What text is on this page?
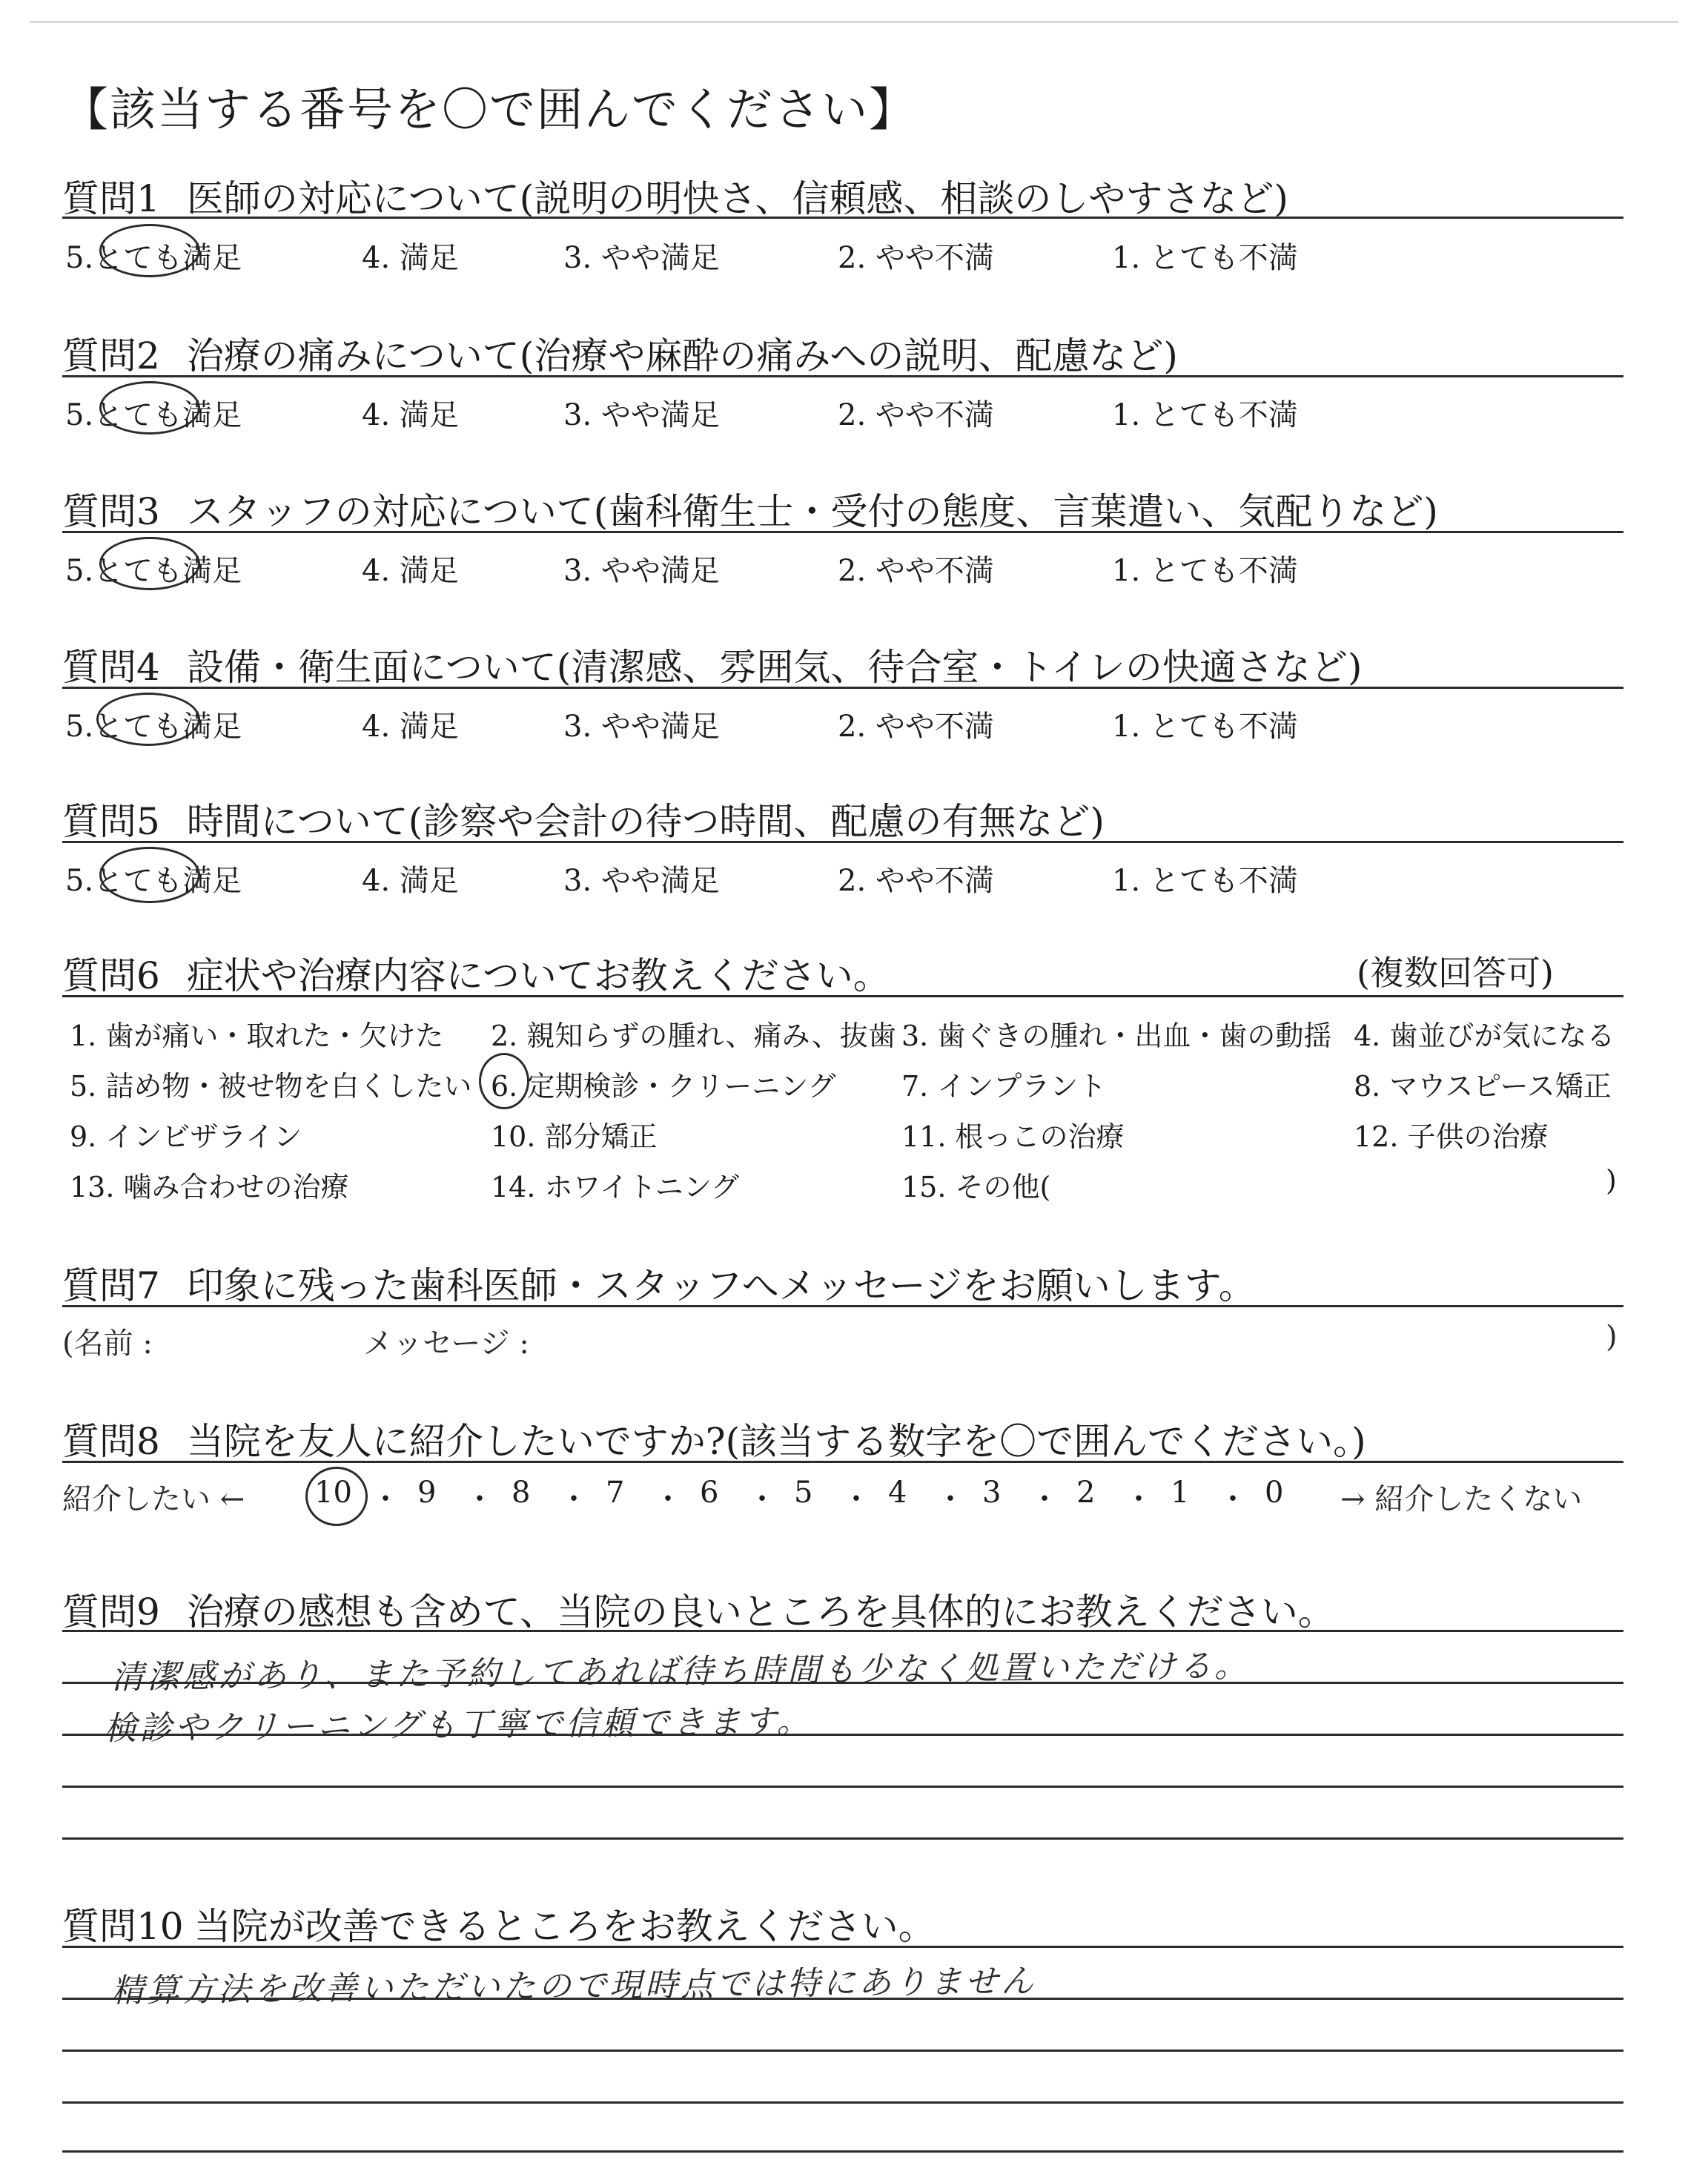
【該当する番号を〇で囲んでください】
質問1 医師の対応について(説明の明快さ、信頼感、相談のしやすさなど)
5.とても満足	4. 満足	3. やや満足	2. やや不満	1. とても不満
質問2 治療の痛みについて(治療や麻酔の痛みへの説明、配慮など)
5.とても満足	4. 満足	3. やや満足	2. やや不満	1. とても不満
質問3 スタッフの対応について(歯科衛生士・受付の態度、言葉遣い、気配りなど)
5.とても満足	4. 満足	3. やや満足	2. やや不満	1. とても不満
質問4 設備・衛生面について(清潔感、雰囲気、待合室・トイレの快適さなど)
5.とても満足	4. 満足	3. やや満足	2. やや不満	1. とても不満
質問5 時間について(診察や会計の待つ時間、配慮の有無など)
5.とても満足	4. 満足	3. やや満足	2. やや不満	1. とても不満
質問6 症状や治療内容についてお教えください。	(複数回答可)
1. 歯が痛い・取れた・欠けた 2. 親知らずの腫れ、痛み、抜歯 3. 歯ぐきの腫れ・出血・歯の動揺 4. 歯並びが気になる
5. 詰め物・被せ物を白くしたい 6. 定期検診・クリーニング 7. インプラント	8. マウスピース矯正
9. インビザライン	10. 部分矯正	11. 根っこの治療	12. 子供の治療
13. 噛み合わせの治療	14. ホワイトニング	15. その他(	)
質問7 印象に残った歯科医師・スタッフへメッセージをお願いします。
(名前 :	メッセージ :	)
質問8 当院を友人に紹介したいですか?(該当する数字を〇で囲んでください。)
紹介したい ← 10 ・ 9 ・ 8 ・ 7 ・ 6 ・ 5 ・ 4 ・ 3 ・ 2 ・ 1 ・ 0 → 紹介したくない
質問9 治療の感想も含めて、当院の良いところを具体的にお教えください。
清潔感があり、また予約してあれば待ち時間も少なく処置いただける。
検診やクリーニングも丁寧で信頼できます。
質問10 当院が改善できるところをお教えください。
精算方法を改善いただいたので現時点では特にありません
